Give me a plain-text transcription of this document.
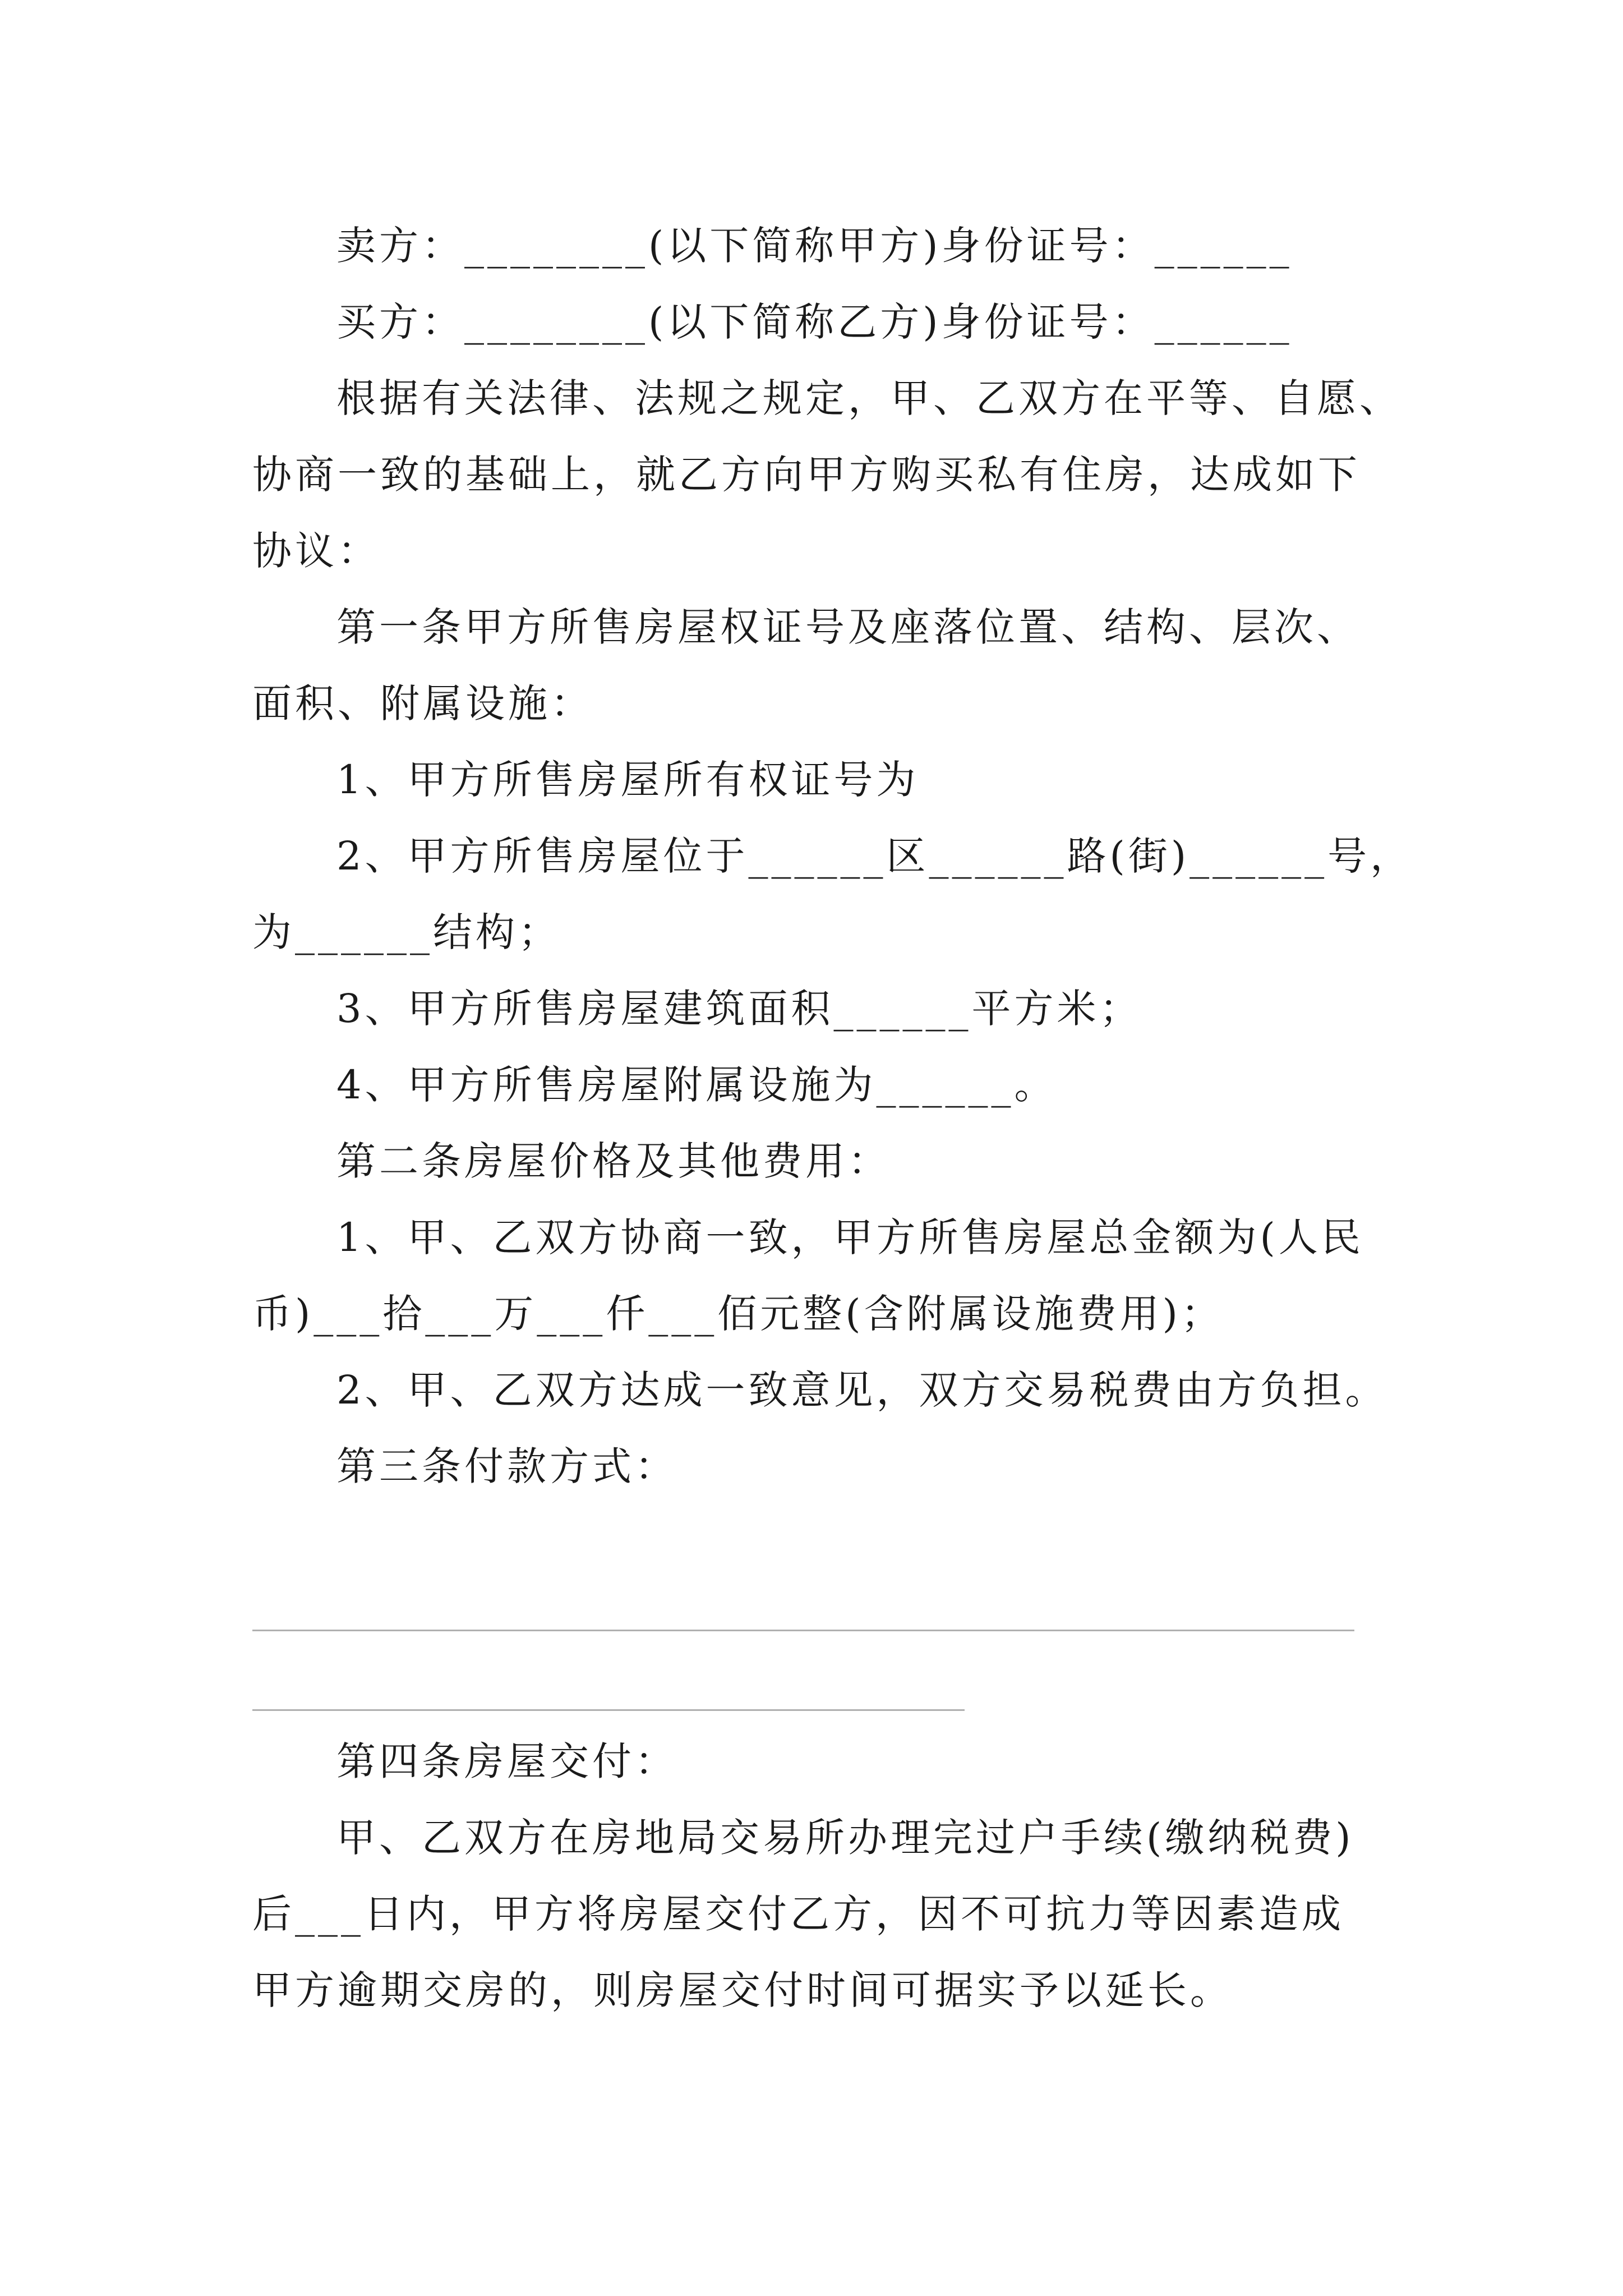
卖方：________(以下简称甲方)身份证号：______
买方：________(以下简称乙方)身份证号：______
根据有关法律、法规之规定，甲、乙双方在平等、自愿、
协商一致的基础上，就乙方向甲方购买私有住房，达成如下
协议：
第一条甲方所售房屋权证号及座落位置、结构、层次、
面积、附属设施：
1、甲方所售房屋所有权证号为
2、甲方所售房屋位于______区______路(街)______号，
为______结构；
3、甲方所售房屋建筑面积______平方米；
4、甲方所售房屋附属设施为______。
第二条房屋价格及其他费用：
1、甲、乙双方协商一致，甲方所售房屋总金额为(人民
币)___拾___万___仟___佰元整(含附属设施费用)；
2、甲、乙双方达成一致意见，双方交易税费由方负担。
第三条付款方式：
第四条房屋交付：
甲、乙双方在房地局交易所办理完过户手续(缴纳税费)
后___日内，甲方将房屋交付乙方，因不可抗力等因素造成
甲方逾期交房的，则房屋交付时间可据实予以延长。
